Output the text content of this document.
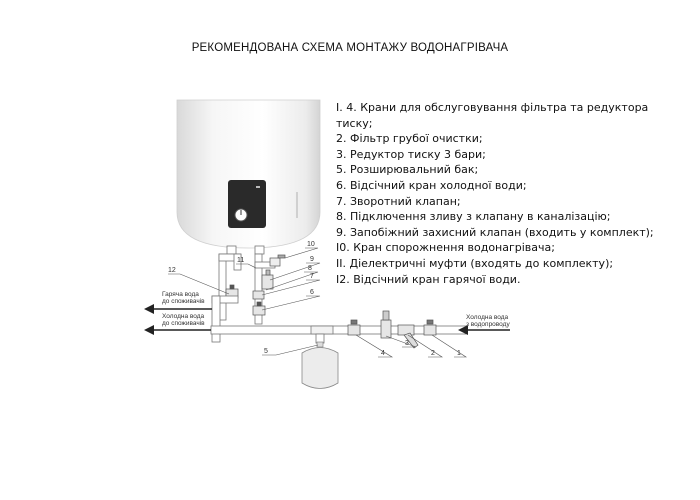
РЕКОМЕНДОВАНА СХЕМА МОНТАЖУ ВОДОНАГРІВАЧА
Гаряча вода
до споживачів
Холодна вода
до споживачів
Холодна вода
з водопроводу
12
11
10
9
8
7
6
5	4
3
2	1
I. 4. Крани для обслуговування фільтра та редуктора тиску;
2. Фільтр грубої очистки;
3. Редуктор тиску 3 бари;
5. Розширювальний бак;
6. Відсічний кран холодної води;
7. Зворотний клапан;
8. Підключення зливу з клапану в каналізацію;
9. Запобіжний захисний клапан (входить у комплект);
I0. Кран спорожнення водонагрівача;
II. Діелектричні муфти (входять до комплекту);
I2. Відсічний кран гарячої води.
